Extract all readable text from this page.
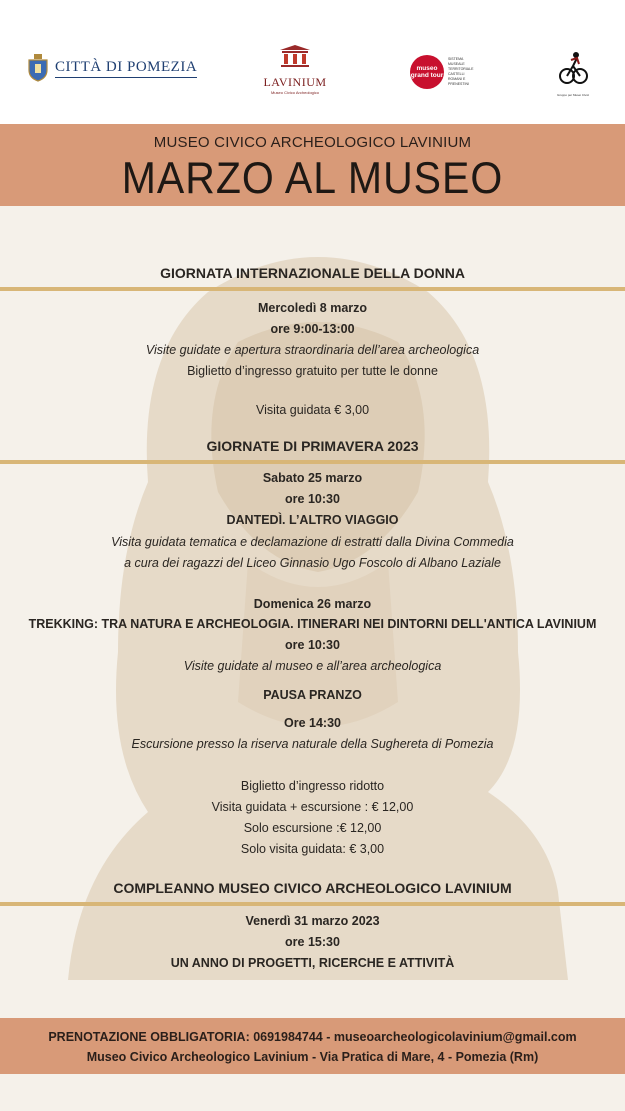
CITTÀ DI POMEZIA
LAVINIUM
Museo Civico Archeologico
museo grand tour
SISTEMA MUSEALE TERRITORIALE CASTELLI ROMANI E PRENESTINI
Gruppo per Musei Civici
MUSEO CIVICO ARCHEOLOGICO LAVINIUM
MARZO AL MUSEO
GIORNATA INTERNAZIONALE DELLA DONNA
Mercoledì 8 marzo
ore 9:00-13:00
Visite guidate e apertura straordinaria dell’area archeologica
Biglietto d’ingresso gratuito per tutte le donne
Visita guidata € 3,00
GIORNATE DI PRIMAVERA 2023
Sabato 25 marzo
ore 10:30
DANTEDÌ. L’ALTRO VIAGGIO
Visita guidata tematica e declamazione di estratti dalla Divina Commedia
a cura dei ragazzi del Liceo Ginnasio Ugo Foscolo di Albano Laziale
Domenica 26 marzo
TREKKING: TRA NATURA E ARCHEOLOGIA. ITINERARI NEI DINTORNI DELL'ANTICA LAVINIUM
ore 10:30
Visite guidate al museo e all’area archeologica
PAUSA PRANZO
Ore 14:30
Escursione presso la riserva naturale della Sughereta di Pomezia
Biglietto d’ingresso ridotto
Visita guidata + escursione : € 12,00
Solo escursione :€ 12,00
Solo visita guidata: € 3,00
COMPLEANNO MUSEO CIVICO ARCHEOLOGICO LAVINIUM
Venerdì 31 marzo 2023
ore 15:30
UN ANNO DI PROGETTI, RICERCHE E ATTIVITÀ
PRENOTAZIONE OBBLIGATORIA: 0691984744 - museoarcheologicolavinium@gmail.com
Museo Civico Archeologico Lavinium - Via Pratica di Mare, 4 - Pomezia (Rm)
